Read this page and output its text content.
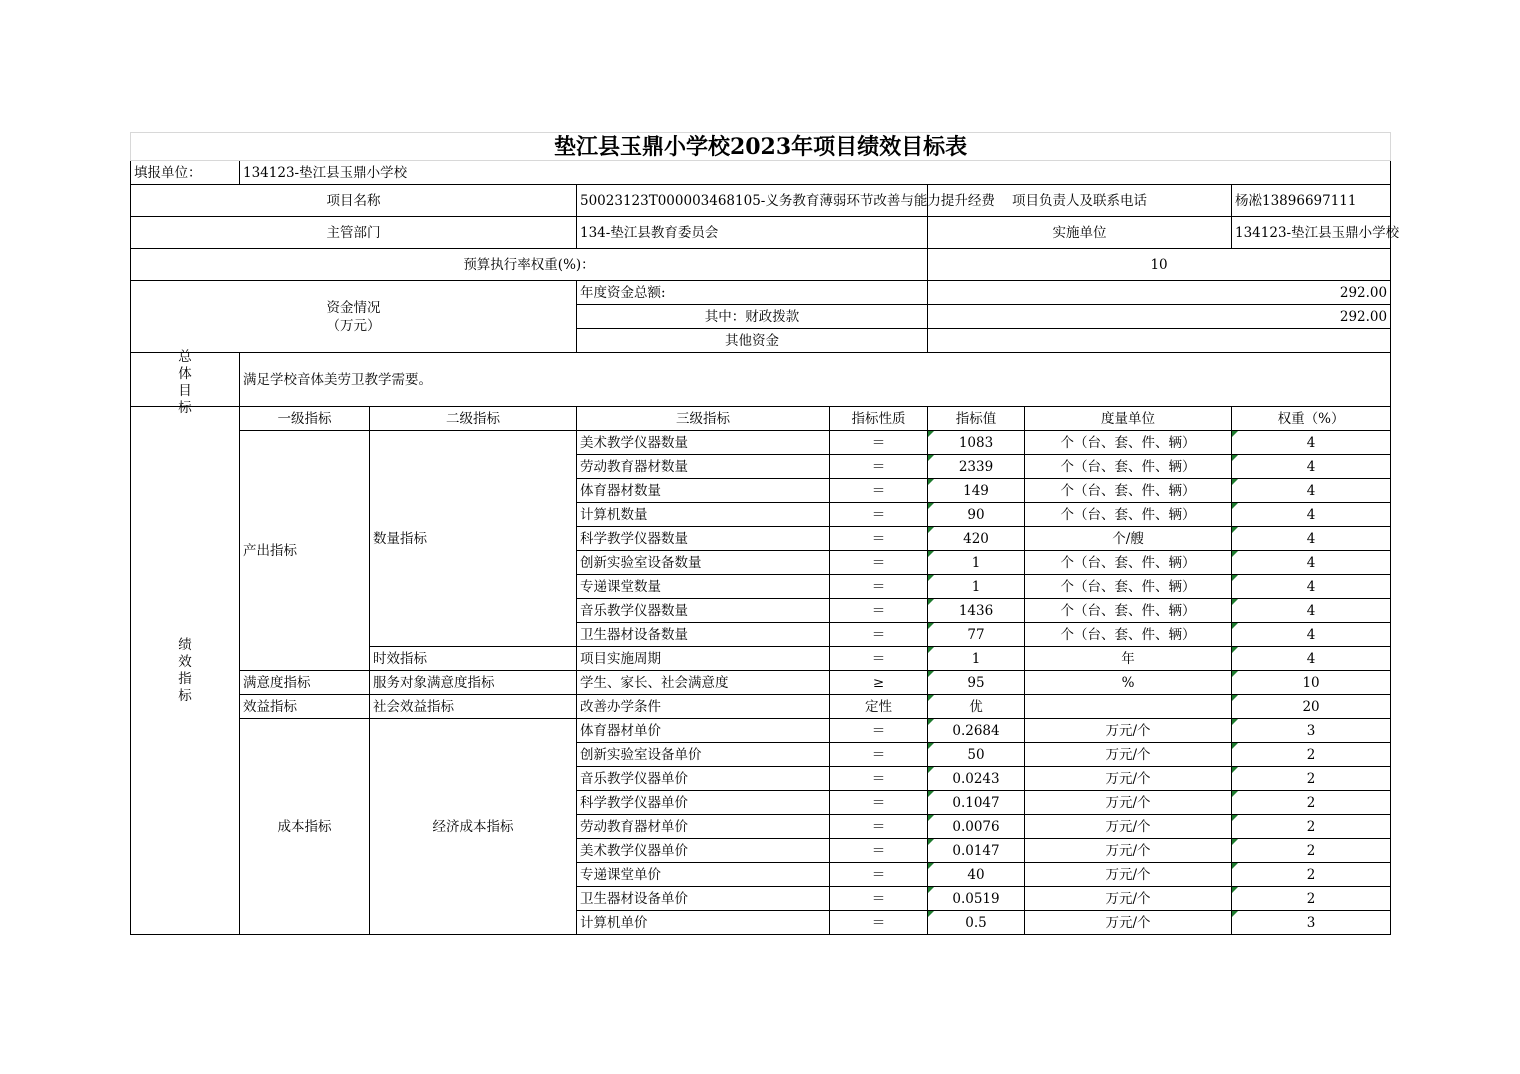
垫江县玉鼎小学校2023年项目绩效目标表							
填报单位：	134123-垫江县玉鼎小学校						
项目名称			50023123T000003468105-义务教育薄弱环节改善与能力提升经费		项目负责人及联系电话		杨凇13896697111
主管部门			134-垫江县教育委员会		实施单位		134123-垫江县玉鼎小学校
预算执行率权重(%)：					10		

资金情况
（万元）			年度资金总额:		292.00		
			其中：财政拨款		292.00		
			其他资金				

总
体
目
标	满足学校音体美劳卫教学需要。						
绩
效
指
标	一级指标	二级指标	三级指标	指标性质	指标值	度量单位	权重（%）
	产出指标	数量指标	美术教学仪器数量	＝	1083	个（台、套、件、辆）	4
			劳动教育器材数量	＝	2339	个（台、套、件、辆）	4
			体育器材数量	＝	149	个（台、套、件、辆）	4
			计算机数量	＝	90	个（台、套、件、辆）	4
			科学教学仪器数量	＝	420	个/艘	4
			创新实验室设备数量	＝	1	个（台、套、件、辆）	4
			专递课堂数量	＝	1	个（台、套、件、辆）	4
			音乐教学仪器数量	＝	1436	个（台、套、件、辆）	4
			卫生器材设备数量	＝	77	个（台、套、件、辆）	4
		时效指标	项目实施周期	＝	1	年	4
	满意度指标	服务对象满意度指标	学生、家长、社会满意度	≥	95	%	10
	效益指标	社会效益指标	改善办学条件	定性	优		20
	成本指标	经济成本指标	体育器材单价	＝	0.2684	万元/个	3
			创新实验室设备单价	＝	50	万元/个	2
			音乐教学仪器单价	＝	0.0243	万元/个	2
			科学教学仪器单价	＝	0.1047	万元/个	2
			劳动教育器材单价	＝	0.0076	万元/个	2
			美术教学仪器单价	＝	0.0147	万元/个	2
			专递课堂单价	＝	40	万元/个	2
			卫生器材设备单价	＝	0.0519	万元/个	2
			计算机单价	＝	0.5	万元/个	3
